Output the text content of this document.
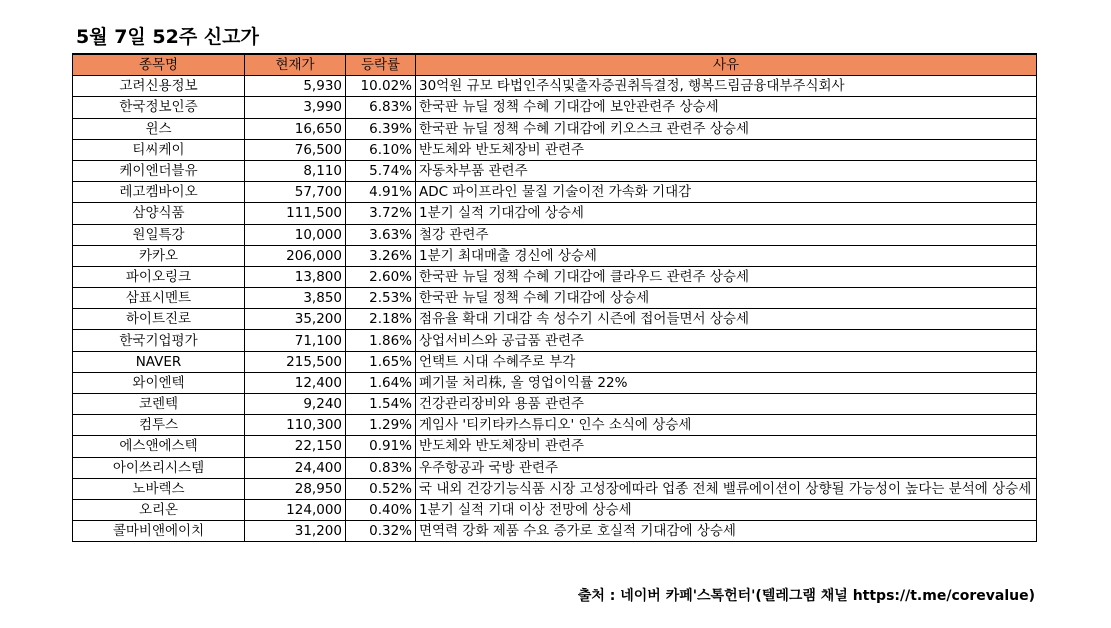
5월 7일 52주 신고가
종목명	현재가	등락률	사유
고려신용정보	5,930	10.02%	30억원 규모 타법인주식및출자증권취득결정, 행복드림금융대부주식회사
한국정보인증	3,990	6.83%	한국판 뉴딜 정책 수혜 기대감에 보안관련주 상승세
윈스	16,650	6.39%	한국판 뉴딜 정책 수혜 기대감에 키오스크 관련주 상승세
티씨케이	76,500	6.10%	반도체와 반도체장비 관련주
케이엔더블유	8,110	5.74%	자동차부품 관련주
레고켐바이오	57,700	4.91%	ADC 파이프라인 물질 기술이전 가속화 기대감
삼양식품	111,500	3.72%	1분기 실적 기대감에 상승세
원일특강	10,000	3.63%	철강 관련주
카카오	206,000	3.26%	1분기 최대매출 경신에 상승세
파이오링크	13,800	2.60%	한국판 뉴딜 정책 수혜 기대감에 클라우드 관련주 상승세
삼표시멘트	3,850	2.53%	한국판 뉴딜 정책 수혜 기대감에 상승세
하이트진로	35,200	2.18%	점유율 확대 기대감 속 성수기 시즌에 접어들면서 상승세
한국기업평가	71,100	1.86%	상업서비스와 공급품 관련주
NAVER	215,500	1.65%	언택트 시대 수혜주로 부각
와이엔텍	12,400	1.64%	폐기물 처리株, 올 영업이익률 22%
코렌텍	9,240	1.54%	건강관리장비와 용품 관련주
컴투스	110,300	1.29%	게임사 '티키타카스튜디오' 인수 소식에 상승세
에스앤에스텍	22,150	0.91%	반도체와 반도체장비 관련주
아이쓰리시스템	24,400	0.83%	우주항공과 국방 관련주
노바렉스	28,950	0.52%	국 내외 건강기능식품 시장 고성장에따라 업종 전체 밸류에이션이 상향될 가능성이 높다는 분석에 상승세
오리온	124,000	0.40%	1분기 실적 기대 이상 전망에 상승세
콜마비앤에이치	31,200	0.32%	면역력 강화 제품 수요 증가로 호실적 기대감에 상승세
출처 : 네이버 카페'스톡헌터'(텔레그램 채널 https://t.me/corevalue)
